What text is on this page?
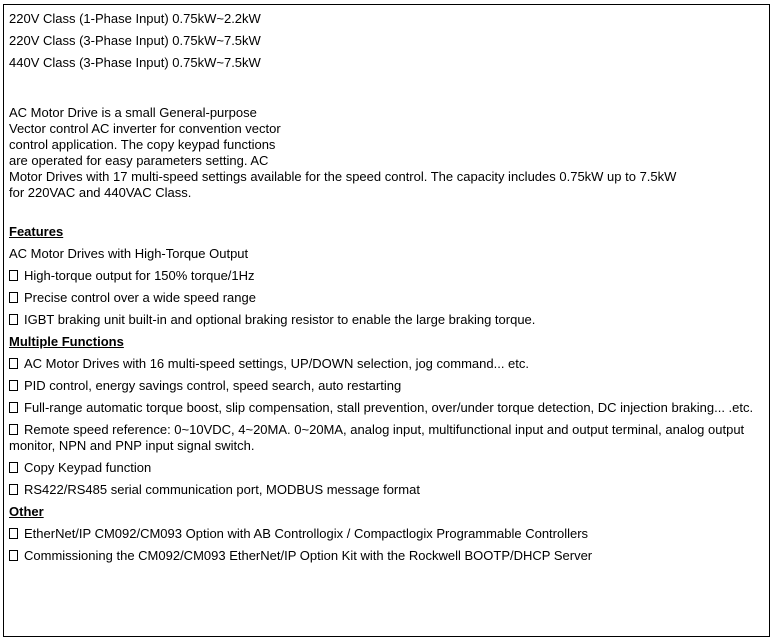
220V Class (1-Phase Input) 0.75kW~2.2kW
220V Class (3-Phase Input) 0.75kW~7.5kW
440V Class (3-Phase Input) 0.75kW~7.5kW
AC Motor Drive is a small General-purpose
Vector control AC inverter for convention vector
control application. The copy keypad functions
are operated for easy parameters setting. AC
Motor Drives with 17 multi-speed settings available for the speed control. The capacity includes 0.75kW up to 7.5kW
for 220VAC and 440VAC Class.
Features
AC Motor Drives with High-Torque Output
High-torque output for 150% torque/1Hz
Precise control over a wide speed range
IGBT braking unit built-in and optional braking resistor to enable the large braking torque.
Multiple Functions
AC Motor Drives with 16 multi-speed settings, UP/DOWN selection, jog command... etc.
PID control, energy savings control, speed search, auto restarting
Full-range automatic torque boost, slip compensation, stall prevention, over/under torque detection, DC injection braking... .etc.
Remote speed reference: 0~10VDC, 4~20MA. 0~20MA, analog input, multifunctional input and output terminal, analog output monitor, NPN and PNP input signal switch.
Copy Keypad function
RS422/RS485 serial communication port, MODBUS message format
Other
EtherNet/IP CM092/CM093 Option with AB Controllogix / Compactlogix Programmable Controllers
Commissioning the CM092/CM093 EtherNet/IP Option Kit with the Rockwell BOOTP/DHCP Server
